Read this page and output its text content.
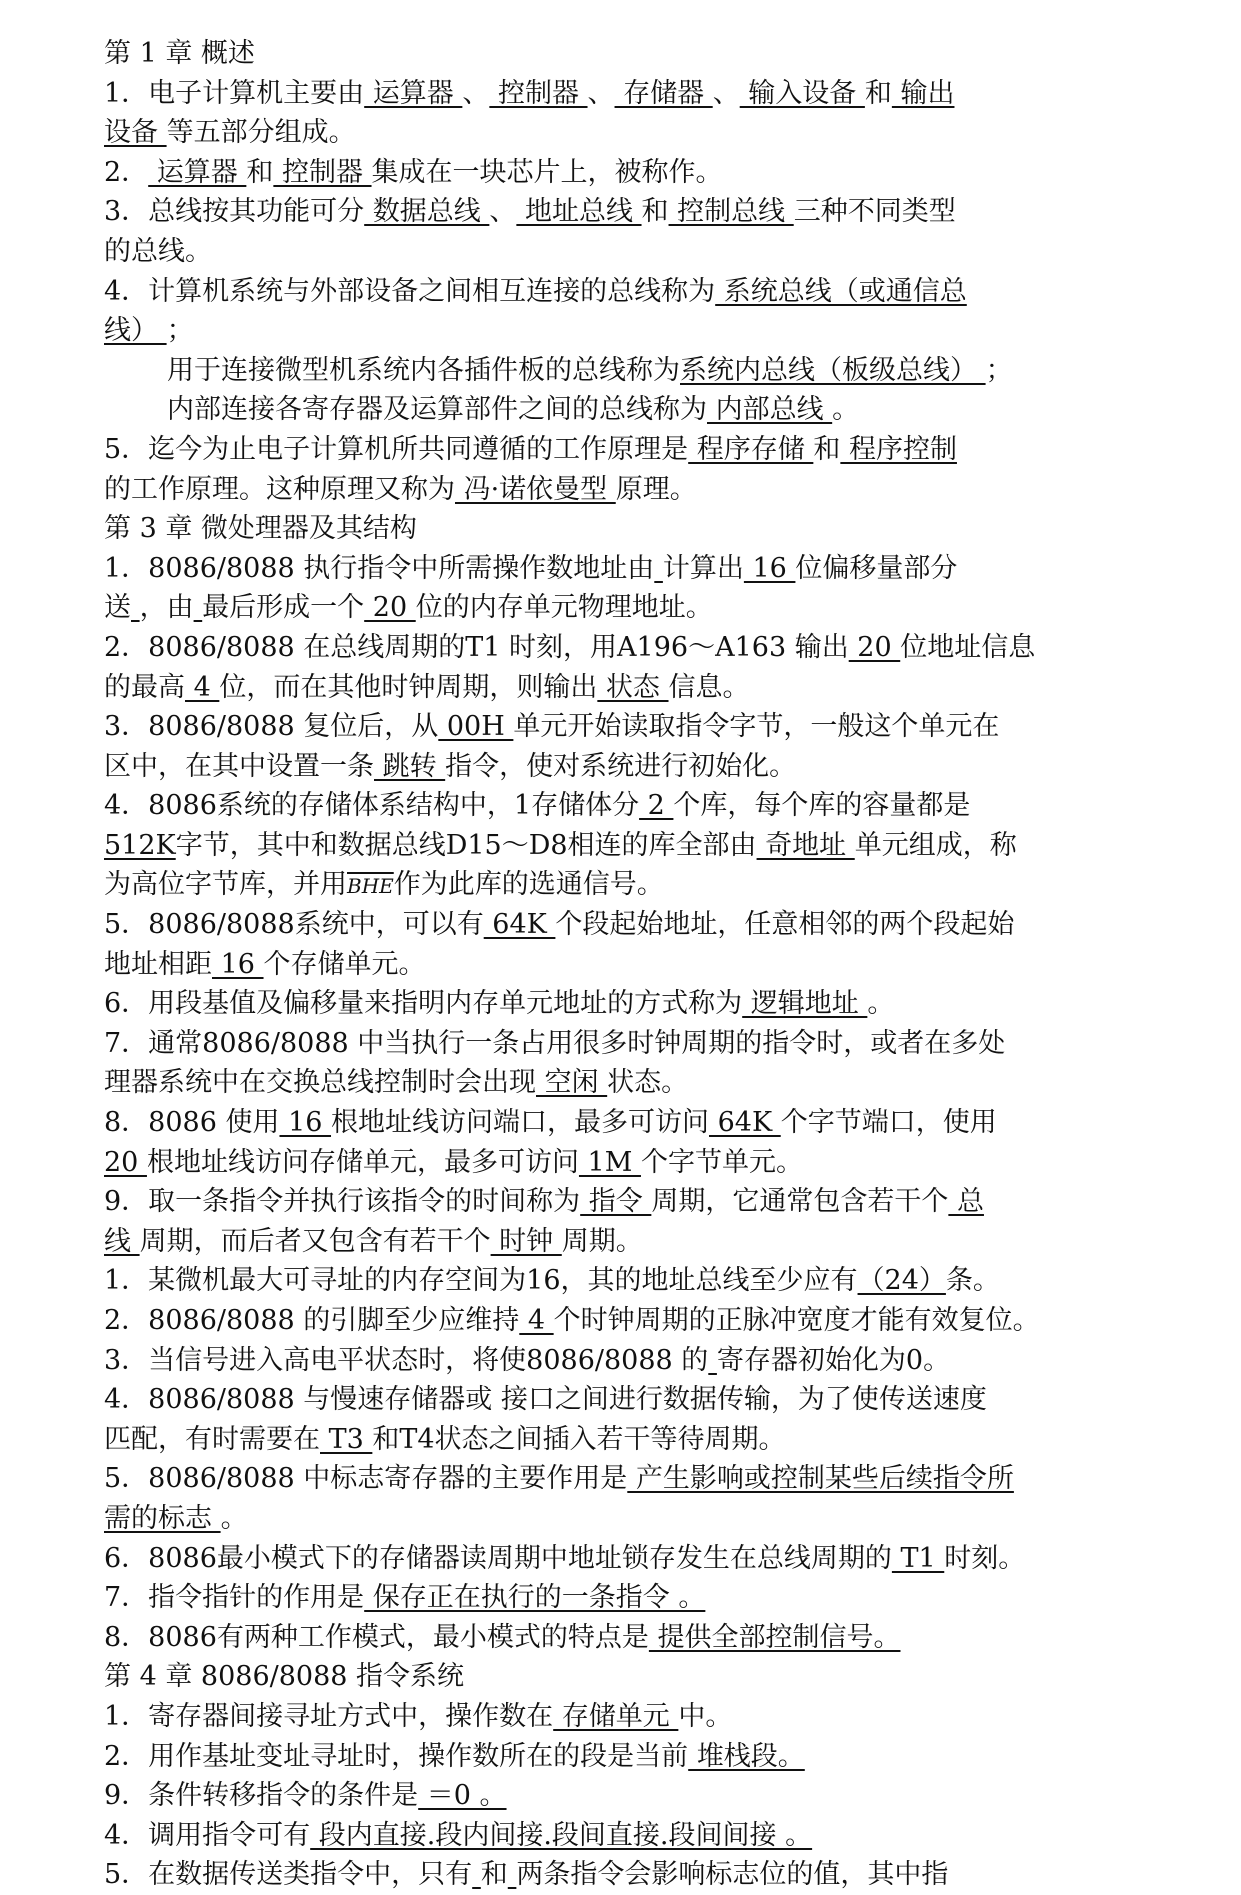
第 1 章 概述
1．电子计算机主要由 运算器 、 控制器 、 存储器 、 输入设备 和 输出
设备 等五部分组成。
2． 运算器 和 控制器 集成在一块芯片上，被称作。
3．总线按其功能可分 数据总线 、 地址总线 和 控制总线 三种不同类型
的总线。
4．计算机系统与外部设备之间相互连接的总线称为 系统总线（或通信总
线） ；
用于连接微型机系统内各插件板的总线称为系统内总线（板级总线） ；
内部连接各寄存器及运算部件之间的总线称为 内部总线 。
5．迄今为止电子计算机所共同遵循的工作原理是 程序存储 和 程序控制
的工作原理。这种原理又称为 冯·诺依曼型 原理。
第 3 章 微处理器及其结构
1．8086/8088 执行指令中所需操作数地址由 计算出 16 位偏移量部分
送 ，由 最后形成一个 20 位的内存单元物理地址。
2．8086/8088 在总线周期的T1 时刻，用A196～A163 输出 20 位地址信息
的最高 4 位，而在其他时钟周期，则输出 状态 信息。
3．8086/8088 复位后，从 00H 单元开始读取指令字节，一般这个单元在
区中，在其中设置一条 跳转 指令，使对系统进行初始化。
4．8086系统的存储体系结构中，1存储体分 2 个库，每个库的容量都是
512K字节，其中和数据总线D15～D8相连的库全部由 奇地址 单元组成，称
为高位字节库，并用$\overline{BHE}$作为此库的选通信号。
5．8086/8088系统中，可以有 64K 个段起始地址，任意相邻的两个段起始
地址相距 16 个存储单元。
6．用段基值及偏移量来指明内存单元地址的方式称为 逻辑地址 。
7．通常8086/8088 中当执行一条占用很多时钟周期的指令时，或者在多处
理器系统中在交换总线控制时会出现 空闲 状态。
8．8086 使用 16 根地址线访问端口，最多可访问 64K 个字节端口，使用
20 根地址线访问存储单元，最多可访问 1M 个字节单元。
9．取一条指令并执行该指令的时间称为 指令 周期，它通常包含若干个 总
线 周期，而后者又包含有若干个 时钟 周期。
1．某微机最大可寻址的内存空间为16，其的地址总线至少应有（24）条。
2．8086/8088 的引脚至少应维持 4 个时钟周期的正脉冲宽度才能有效复位。
3．当信号进入高电平状态时，将使8086/8088 的 寄存器初始化为0。
4．8086/8088 与慢速存储器或 接口之间进行数据传输，为了使传送速度
匹配，有时需要在 T3 和T4状态之间插入若干等待周期。
5．8086/8088 中标志寄存器的主要作用是 产生影响或控制某些后续指令所
需的标志 。
6．8086最小模式下的存储器读周期中地址锁存发生在总线周期的 T1 时刻。
7．指令指针的作用是 保存正在执行的一条指令 。
8．8086有两种工作模式，最小模式的特点是 提供全部控制信号。
第 4 章 8086/8088 指令系统
1．寄存器间接寻址方式中，操作数在 存储单元 中。
2．用作基址变址寻址时，操作数所在的段是当前 堆栈段。
9．条件转移指令的条件是 ＝0 。
4．调用指令可有 段内直接.段内间接.段间直接.段间间接 。
5．在数据传送类指令中，只有 和 两条指令会影响标志位的值，其中指
